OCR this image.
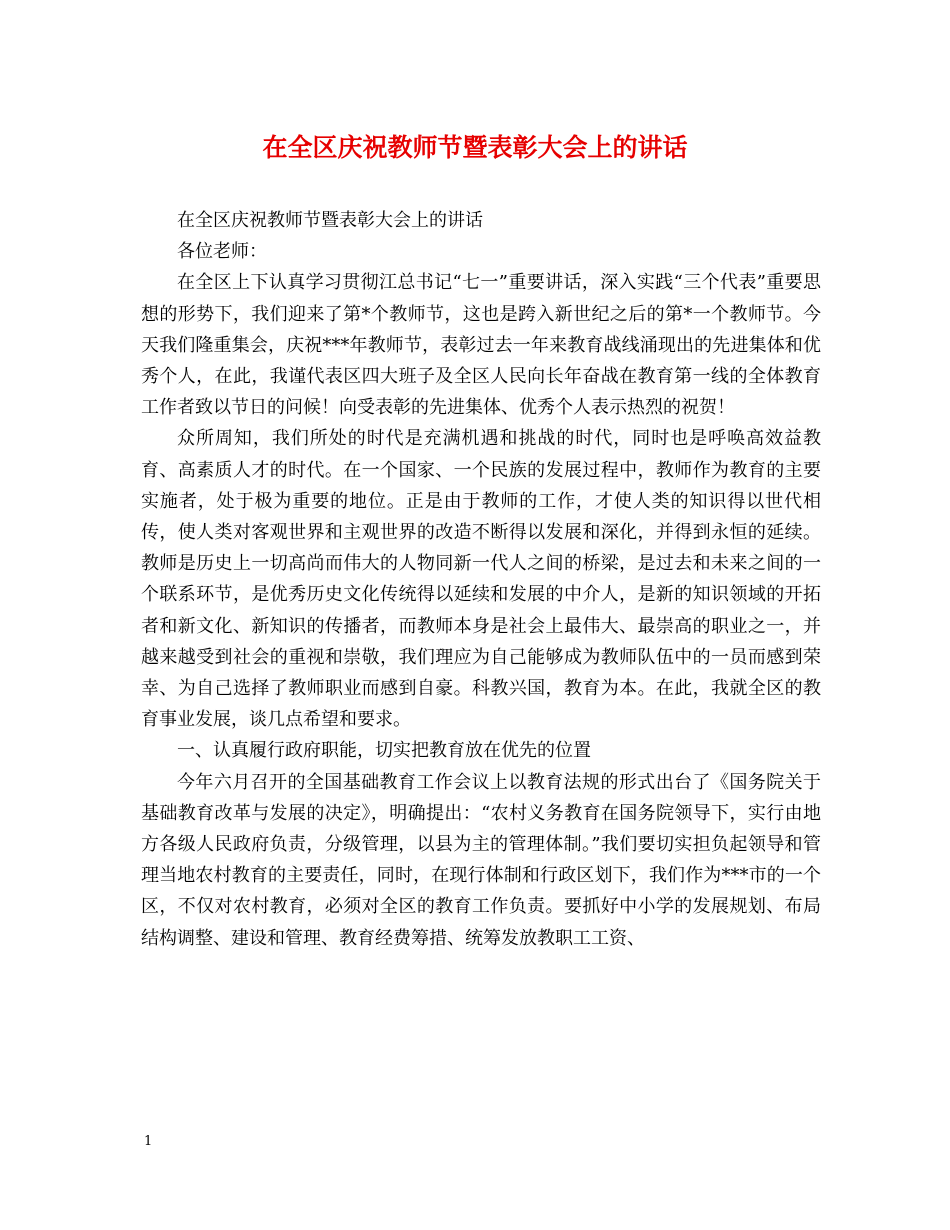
在全区庆祝教师节暨表彰大会上的讲话

在全区庆祝教师节暨表彰大会上的讲话

各位老师：

在全区上下认真学习贯彻江总书记“七一”重要讲话，深入实践“三个代表”重要思想的形势下，我们迎来了第*个教师节，这也是跨入新世纪之后的第*一个教师节。今天我们隆重集会，庆祝***年教师节，表彰过去一年来教育战线涌现出的先进集体和优秀个人，在此，我谨代表区四大班子及全区人民向长年奋战在教育第一线的全体教育工作者致以节日的问候！向受表彰的先进集体、优秀个人表示热烈的祝贺！

众所周知，我们所处的时代是充满机遇和挑战的时代，同时也是呼唤高效益教育、高素质人才的时代。在一个国家、一个民族的发展过程中，教师作为教育的主要实施者，处于极为重要的地位。正是由于教师的工作，才使人类的知识得以世代相传，使人类对客观世界和主观世界的改造不断得以发展和深化，并得到永恒的延续。教师是历史上一切高尚而伟大的人物同新一代人之间的桥梁，是过去和未来之间的一个联系环节，是优秀历史文化传统得以延续和发展的中介人，是新的知识领域的开拓者和新文化、新知识的传播者，而教师本身是社会上最伟大、最崇高的职业之一，并越来越受到社会的重视和崇敬，我们理应为自己能够成为教师队伍中的一员而感到荣幸、为自己选择了教师职业而感到自豪。科教兴国，教育为本。在此，我就全区的教育事业发展，谈几点希望和要求。

一、认真履行政府职能，切实把教育放在优先的位置

今年六月召开的全国基础教育工作会议上以教育法规的形式出台了《国务院关于基础教育改革与发展的决定》，明确提出：“农村义务教育在国务院领导下，实行由地方各级人民政府负责，分级管理，以县为主的管理体制。”我们要切实担负起领导和管理当地农村教育的主要责任，同时，在现行体制和行政区划下，我们作为***市的一个区，不仅对农村教育，必须对全区的教育工作负责。要抓好中小学的发展规划、布局结构调整、建设和管理、教育经费筹措、统筹发放教职工工资、

1
